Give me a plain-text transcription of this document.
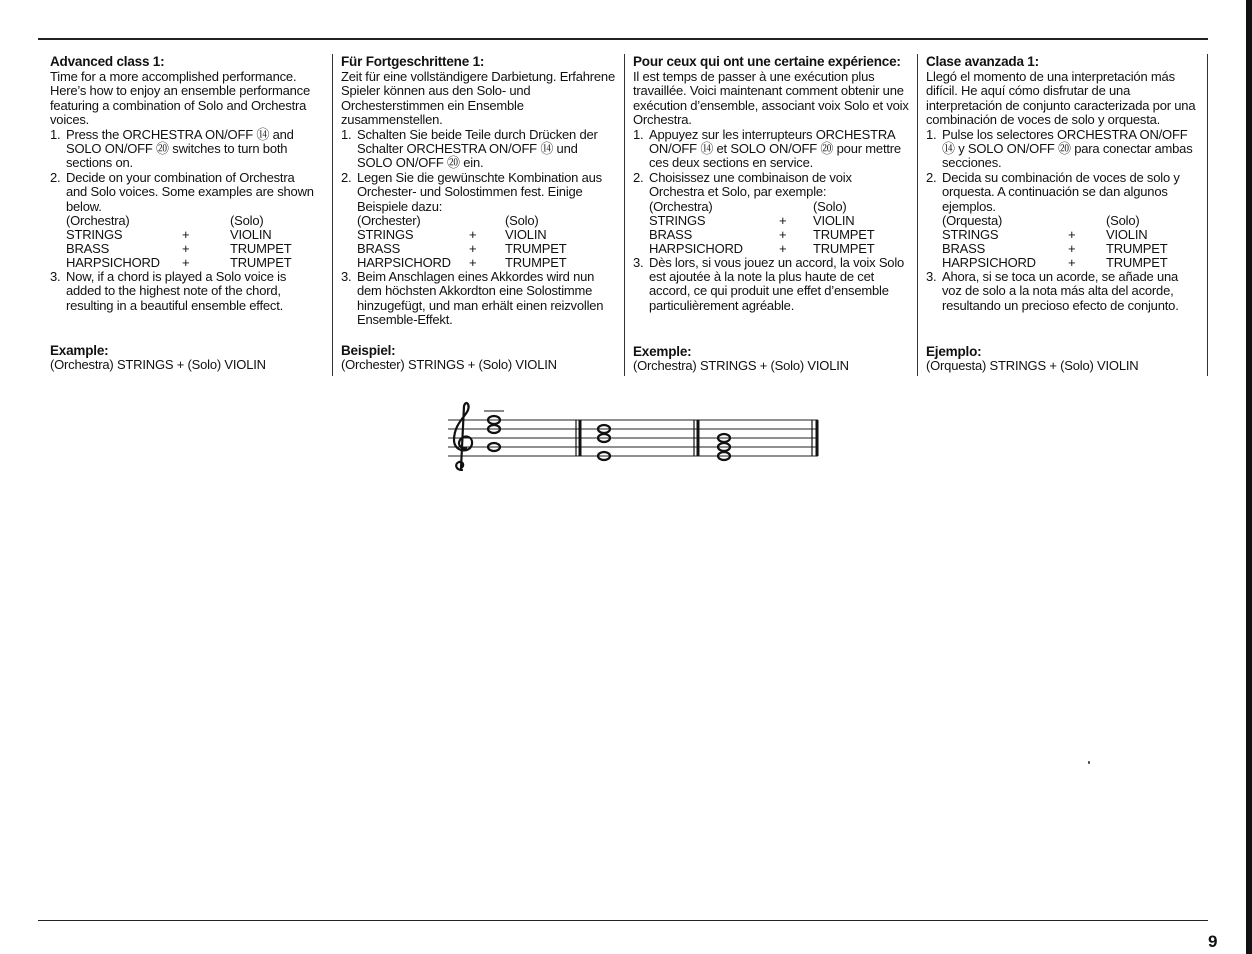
Advanced class 1:

Time for a more accomplished performance. Here’s how to enjoy an ensemble performance featuring a combination of Solo and Orchestra voices.

1. Press the ORCHESTRA ON/OFF ⑭ and SOLO ON/OFF ⑳ switches to turn both sections on.
2. Decide on your combination of Orchestra and Solo voices. Some examples are shown below.
(Orchestra)	(Solo)
STRINGS	+	VIOLIN
BRASS	+	TRUMPET
HARPSICHORD	+	TRUMPET
3. Now, if a chord is played a Solo voice is added to the highest note of the chord, resulting in a beautiful ensemble effect.
Example:
(Orchestra) STRINGS + (Solo) VIOLIN
Für Fortgeschrittene 1:

Zeit für eine vollständigere Darbietung. Erfahrene Spieler können aus den Solo- und Orchesterstimmen ein Ensemble zusammenstellen.

1. Schalten Sie beide Teile durch Drücken der Schalter ORCHESTRA ON/OFF ⑭ und SOLO ON/OFF ⑳ ein.
2. Legen Sie die gewünschte Kombination aus Orchester- und Solostimmen fest. Einige Beispiele dazu:
(Orchester)	(Solo)
STRINGS	+	VIOLIN
BRASS	+	TRUMPET
HARPSICHORD	+	TRUMPET
3. Beim Anschlagen eines Akkordes wird nun dem höchsten Akkordton eine Solostimme hinzugefügt, und man erhält einen reizvollen Ensemble-Effekt.
Beispiel:
(Orchester) STRINGS + (Solo) VIOLIN
Pour ceux qui ont une certaine expérience:

Il est temps de passer à une exécution plus travaillée. Voici maintenant comment obtenir une exécution d’ensemble, associant voix Solo et voix Orchestra.

1. Appuyez sur les interrupteurs ORCHESTRA ON/OFF ⑭ et SOLO ON/OFF ⑳ pour mettre ces deux sections en service.
2. Choisissez une combinaison de voix Orchestra et Solo, par exemple:
(Orchestra)	(Solo)
STRINGS	+	VIOLIN
BRASS	+	TRUMPET
HARPSICHORD	+	TRUMPET
3. Dès lors, si vous jouez un accord, la voix Solo est ajoutée à la note la plus haute de cet accord, ce qui produit une effet d’ensemble particulièrement agréable.
Exemple:
(Orchestra) STRINGS + (Solo) VIOLIN
Clase avanzada 1:

Llegó el momento de una interpretación más difícil. He aquí cómo disfrutar de una interpretación de conjunto caracterizada por una combinación de voces de solo y orquesta.

1. Pulse los selectores ORCHESTRA ON/OFF ⑭ y SOLO ON/OFF ⑳ para conectar ambas secciones.
2. Decida su combinación de voces de solo y orquesta. A continuación se dan algunos ejemplos.
(Orquesta)	(Solo)
STRINGS	+	VIOLIN
BRASS	+	TRUMPET
HARPSICHORD	+	TRUMPET
3. Ahora, si se toca un acorde, se añade una voz de solo a la nota más alta del acorde, resultando un precioso efecto de conjunto.
Ejemplo:
(Orquesta) STRINGS + (Solo) VIOLIN
9
